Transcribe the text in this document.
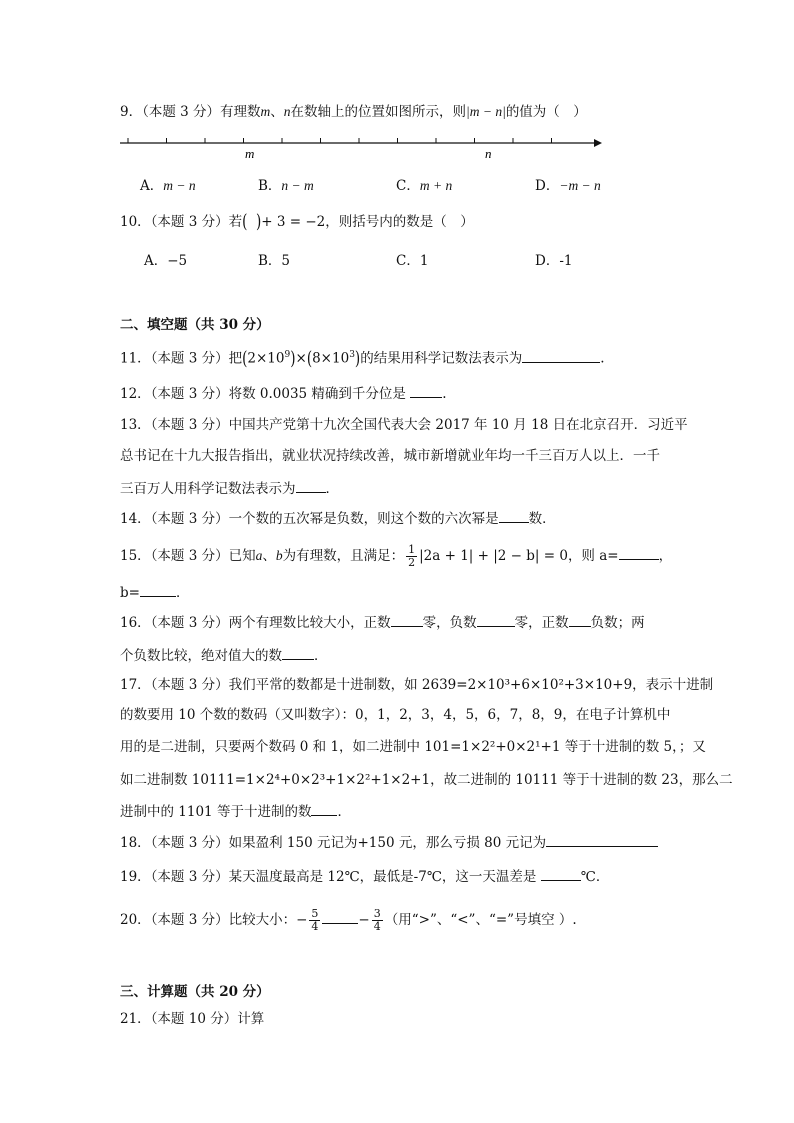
9．（本题 3 分）有理数m、n在数轴上的位置如图所示，则|m − n|的值为（　）
m	n
A．m − n	B．n − m	C．m + n	D．−m − n
10．（本题 3 分）若( )+ 3 = −2，则括号内的数是（　）
A．−5	B．5	C．1	D．-1
二、填空题（共 30 分）
11．（本题 3 分）把$(2\times 10^9)\times(8\times 10^3)$的结果用科学记数法表示为	.
12．（本题 3 分）将数 0.0035 精确到千分位是 .
13．（本题 3 分）中国共产党第十九次全国代表大会 2017 年 10 月 18 日在北京召开．习近平
总书记在十九大报告指出，就业状况持续改善，城市新增就业年均一千三百万人以上．一千
三百万人用科学记数法表示为 ．
14．（本题 3 分）一个数的五次幂是负数，则这个数的六次幂是 数．
15．（本题 3 分）已知a、b为有理数，且满足： $\frac{1}{2} |2a + 1| + |2 - b| = 0$，则 a=	，
b=	．
16．（本题 3 分）两个有理数比较大小，正数 零，负数	零，正数 负数；两
个负数比较，绝对值大的数 ．
17．（本题 3 分）我们平常的数都是十进制数，如 2639=2×10³+6×10²+3×10+9，表示十进制
的数要用 10 个数的数码（又叫数字）：0，1，2，3，4，5，6，7，8，9，在电子计算机中
用的是二进制，只要两个数码 0 和 1，如二进制中 101=1×2²+0×2¹+1 等于十进制的数 5，；又
如二进制数 10111=1×2⁴+0×2³+1×2²+1×2+1，故二进制的 10111 等于十进制的数 23，那么二
进制中的 1101 等于十进制的数 ．
18．（本题 3 分）如果盈利 150 元记为+150 元，那么亏损 80 元记为
19．（本题 3 分）某天温度最高是 12℃，最低是-7℃，这一天温差是	℃．
20．（本题 3 分）比较大小：− $\frac{5}{4}$	− $\frac{3}{4}$ （用“>”、“<”、“=”号填空 ）.
三、计算题（共 20 分）
21．（本题 10 分）计算
